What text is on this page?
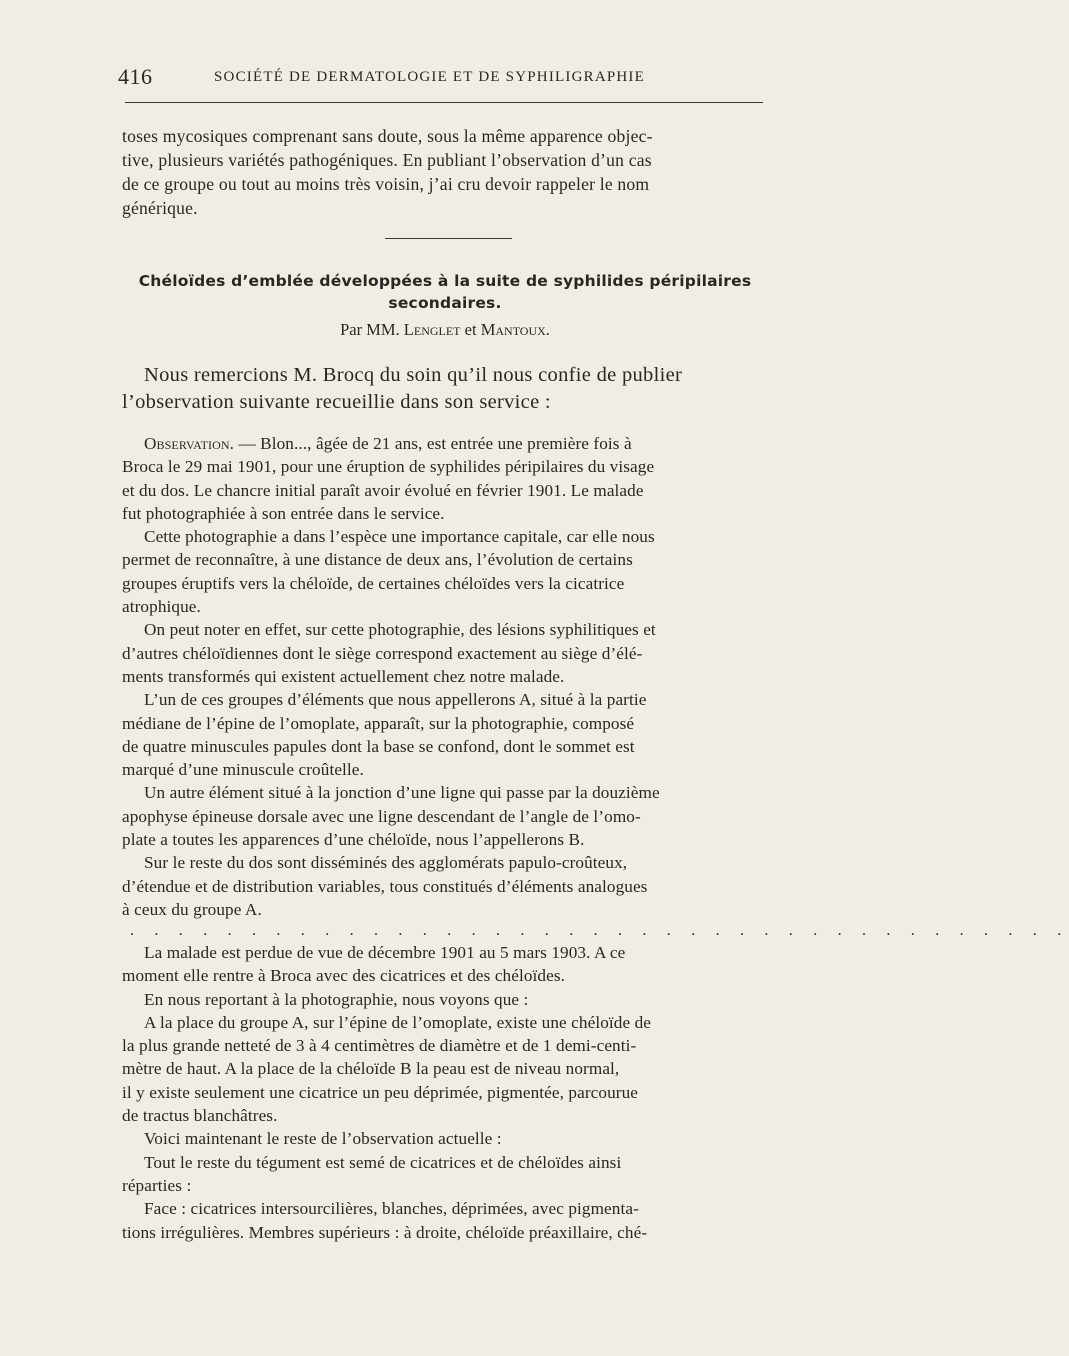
416	SOCIÉTÉ DE DERMATOLOGIE ET DE SYPHILIGRAPHIE
toses mycosiques comprenant sans doute, sous la même apparence objec-
tive, plusieurs variétés pathogéniques. En publiant l’observation d’un cas
de ce groupe ou tout au moins très voisin, j’ai cru devoir rappeler le nom
générique.
Chéloïdes d’emblée développées à la suite de syphilides péripilaires
secondaires.
Par MM. Lenglet et Mantoux.
Nous remercions M. Brocq du soin qu’il nous confie de publier
l’observation suivante recueillie dans son service :
Observation. — Blon..., âgée de 21 ans, est entrée une première fois à
Broca le 29 mai 1901, pour une éruption de syphilides péripilaires du visage
et du dos. Le chancre initial paraît avoir évolué en février 1901. Le malade
fut photographiée à son entrée dans le service.
Cette photographie a dans l’espèce une importance capitale, car elle nous
permet de reconnaître, à une distance de deux ans, l’évolution de certains
groupes éruptifs vers la chéloïde, de certaines chéloïdes vers la cicatrice
atrophique.
On peut noter en effet, sur cette photographie, des lésions syphilitiques et
d’autres chéloïdiennes dont le siège correspond exactement au siège d’élé-
ments transformés qui existent actuellement chez notre malade.
L’un de ces groupes d’éléments que nous appellerons A, situé à la partie
médiane de l’épine de l’omoplate, apparaît, sur la photographie, composé
de quatre minuscules papules dont la base se confond, dont le sommet est
marqué d’une minuscule croûtelle.
Un autre élément situé à la jonction d’une ligne qui passe par la douzième
apophyse épineuse dorsale avec une ligne descendant de l’angle de l’omo-
plate a toutes les apparences d’une chéloïde, nous l’appellerons B.
Sur le reste du dos sont disséminés des agglomérats papulo-croûteux,
d’étendue et de distribution variables, tous constitués d’éléments analogues
à ceux du groupe A.
. . . . . . . . . . . . . . . . . . . . . . . . . . . . . . . . . . . . . . .
La malade est perdue de vue de décembre 1901 au 5 mars 1903. A ce
moment elle rentre à Broca avec des cicatrices et des chéloïdes.
En nous reportant à la photographie, nous voyons que :
A la place du groupe A, sur l’épine de l’omoplate, existe une chéloïde de
la plus grande netteté de 3 à 4 centimètres de diamètre et de 1 demi-centi-
mètre de haut. A la place de la chéloïde B la peau est de niveau normal,
il y existe seulement une cicatrice un peu déprimée, pigmentée, parcourue
de tractus blanchâtres.
Voici maintenant le reste de l’observation actuelle :
Tout le reste du tégument est semé de cicatrices et de chéloïdes ainsi
réparties :
Face : cicatrices intersourcilières, blanches, déprimées, avec pigmenta-
tions irrégulières. Membres supérieurs : à droite, chéloïde préaxillaire, ché-
